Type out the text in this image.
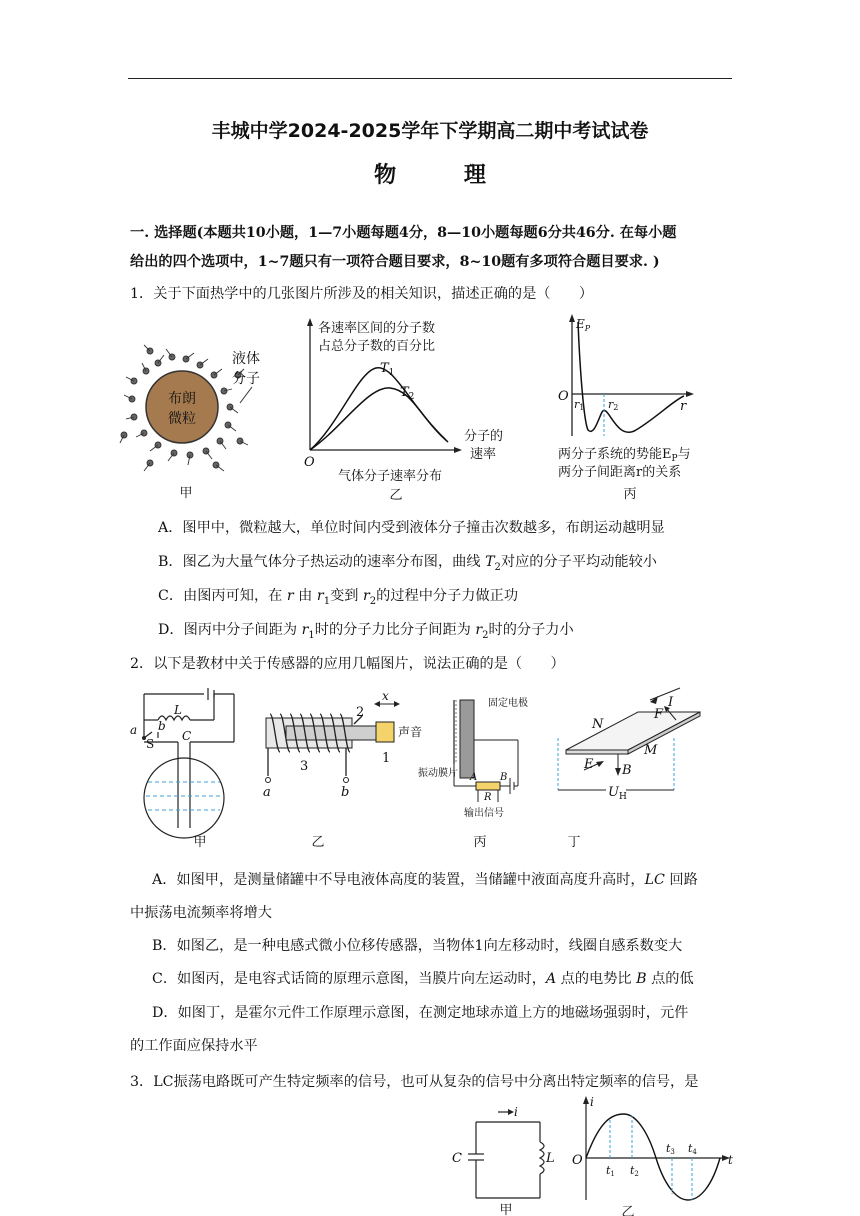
丰城中学2024-2025学年下学期高二期中考试试卷
物 理
一. 选择题(本题共10小题，1—7小题每题4分，8—10小题每题6分共46分. 在每小题
给出的四个选项中，1~7题只有一项符合题目要求，8~10题有多项符合题目要求. )
1．关于下面热学中的几张图片所涉及的相关知识，描述正确的是（　　）
布朗
微粒
液体
分子
甲
各速率区间的分子数
占总分子数的百分比
$T_1$
$T_2$
分子的
速率
O
气体分子速率分布
乙
$E_P$
O
r1 r2	r
两分子系统的势能$E_P$与
两分子间距离r的关系
丙
A．图甲中，微粒越大，单位时间内受到液体分子撞击次数越多，布朗运动越明显
B．图乙为大量气体分子热运动的速率分布图，曲线 $T_2$对应的分子平均动能较小
C．由图丙可知，在 r 由 $r_1$变到 $r_2$的过程中分子力做正功
D．图丙中分子间距为 $r_1$时的分子力比分子间距为 $r_2$时的分子力小
2．以下是教材中关于传感器的应用几幅图片，说法正确的是（　　）
a b
L
S
C
甲
2
x
声音
3
1
a	b
乙
固定电极
振动膜片 A B
R
输出信号
丙
N
F
I
M
E B
$U_H$
丁
A．如图甲，是测量储罐中不导电液体高度的装置，当储罐中液面高度升高时，LC 回路
中振荡电流频率将增大
B．如图乙，是一种电感式微小位移传感器，当物体1向左移动时，线圈自感系数变大
C．如图丙，是电容式话筒的原理示意图，当膜片向左运动时，A 点的电势比 B 点的低
D．如图丁，是霍尔元件工作原理示意图，在测定地球赤道上方的地磁场强弱时，元件
的工作面应保持水平
3．LC振荡电路既可产生特定频率的信号，也可从复杂的信号中分离出特定频率的信号，是
i
C	L
甲
i
O	t
t1 t2
t3 t4
乙
